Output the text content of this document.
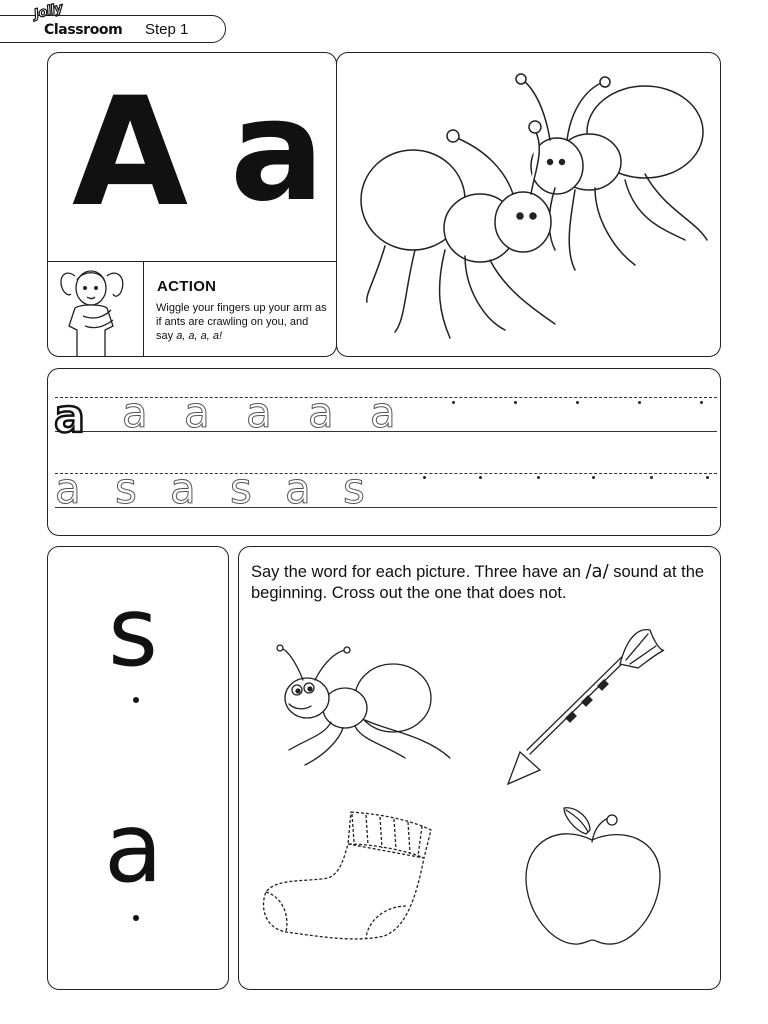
Jolly
Classroom Step 1
A a
ACTION
Wiggle your fingers up your arm as if ants are crawling on you, and say a, a, a, a!
a a a a a a
a s a s a s
s
a
Say the word for each picture. Three have an /a/ sound at the beginning. Cross out the one that does not.
